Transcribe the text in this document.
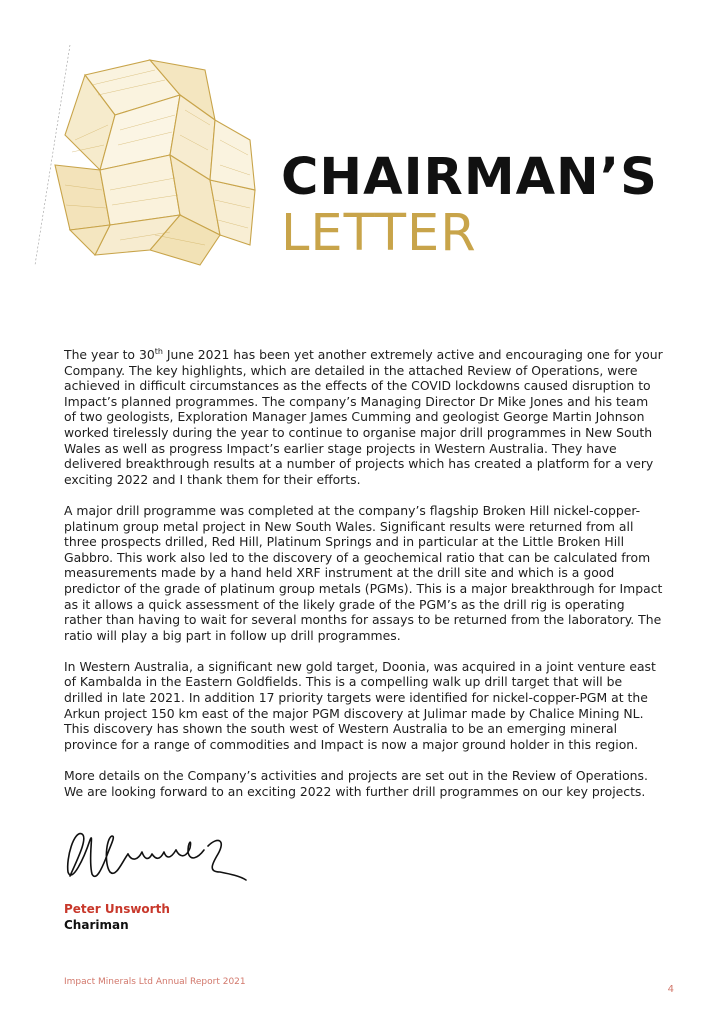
CHAIRMAN’S
LETTER

The year to 30th June 2021 has been yet another extremely active and encouraging one for your Company. The key highlights, which are detailed in the attached Review of Operations, were achieved in difficult circumstances as the effects of the COVID lockdowns caused disruption to Impact’s planned programmes. The company’s Managing Director Dr Mike Jones and his team of two geologists, Exploration Manager James Cumming and geologist George Martin Johnson worked tirelessly during the year to continue to organise major drill programmes in New South Wales as well as progress Impact’s earlier stage projects in Western Australia. They have delivered breakthrough results at a number of projects which has created a platform for a very exciting 2022 and I thank them for their efforts.

A major drill programme was completed at the company’s flagship Broken Hill nickel-copper-platinum group metal project in New South Wales. Significant results were returned from all three prospects drilled, Red Hill, Platinum Springs and in particular at the Little Broken Hill Gabbro. This work also led to the discovery of a geochemical ratio that can be calculated from measurements made by a hand held XRF instrument at the drill site and which is a good predictor of the grade of platinum group metals (PGMs). This is a major breakthrough for Impact as it allows a quick assessment of the likely grade of the PGM’s as the drill rig is operating rather than having to wait for several months for assays to be returned from the laboratory. The ratio will play a big part in follow up drill programmes.

In Western Australia, a significant new gold target, Doonia, was acquired in a joint venture east of Kambalda in the Eastern Goldfields. This is a compelling walk up drill target that will be drilled in late 2021. In addition 17 priority targets were identified for nickel-copper-PGM at the Arkun project 150 km east of the major PGM discovery at Julimar made by Chalice Mining NL. This discovery has shown the south west of Western Australia to be an emerging mineral province for a range of commodities and Impact is now a major ground holder in this region.

More details on the Company’s activities and projects are set out in the Review of Operations. We are looking forward to an exciting 2022 with further drill programmes on our key projects.

Peter Unsworth
Chariman
Impact Minerals Ltd Annual Report 2021
4
